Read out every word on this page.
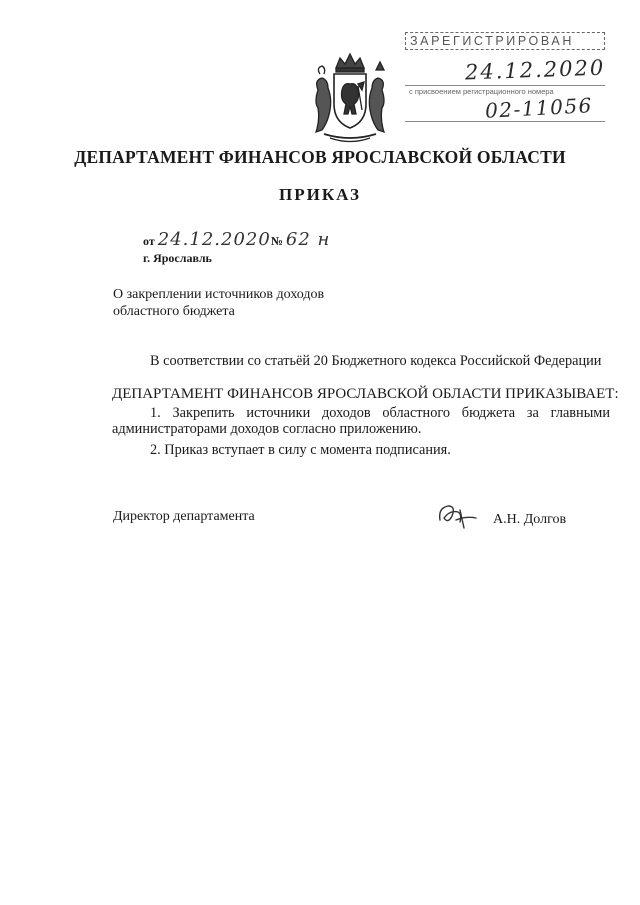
ЗАРЕГИСТРИРОВАН
24.12.2020
с присвоением регистрационного номера
02-11056
ДЕПАРТАМЕНТ ФИНАНСОВ ЯРОСЛАВСКОЙ ОБЛАСТИ
ПРИКАЗ
от 24.12.2020№ 62 н
г. Ярославль
О закреплении источников доходов областного бюджета
В соответствии со статьёй 20 Бюджетного кодекса Российской Федерации
ДЕПАРТАМЕНТ ФИНАНСОВ ЯРОСЛАВСКОЙ ОБЛАСТИ ПРИКАЗЫВАЕТ:
1. Закрепить источники доходов областного бюджета за главными администраторами доходов согласно приложению.
2. Приказ вступает в силу с момента подписания.
Директор департамента	А.Н. Долгов
